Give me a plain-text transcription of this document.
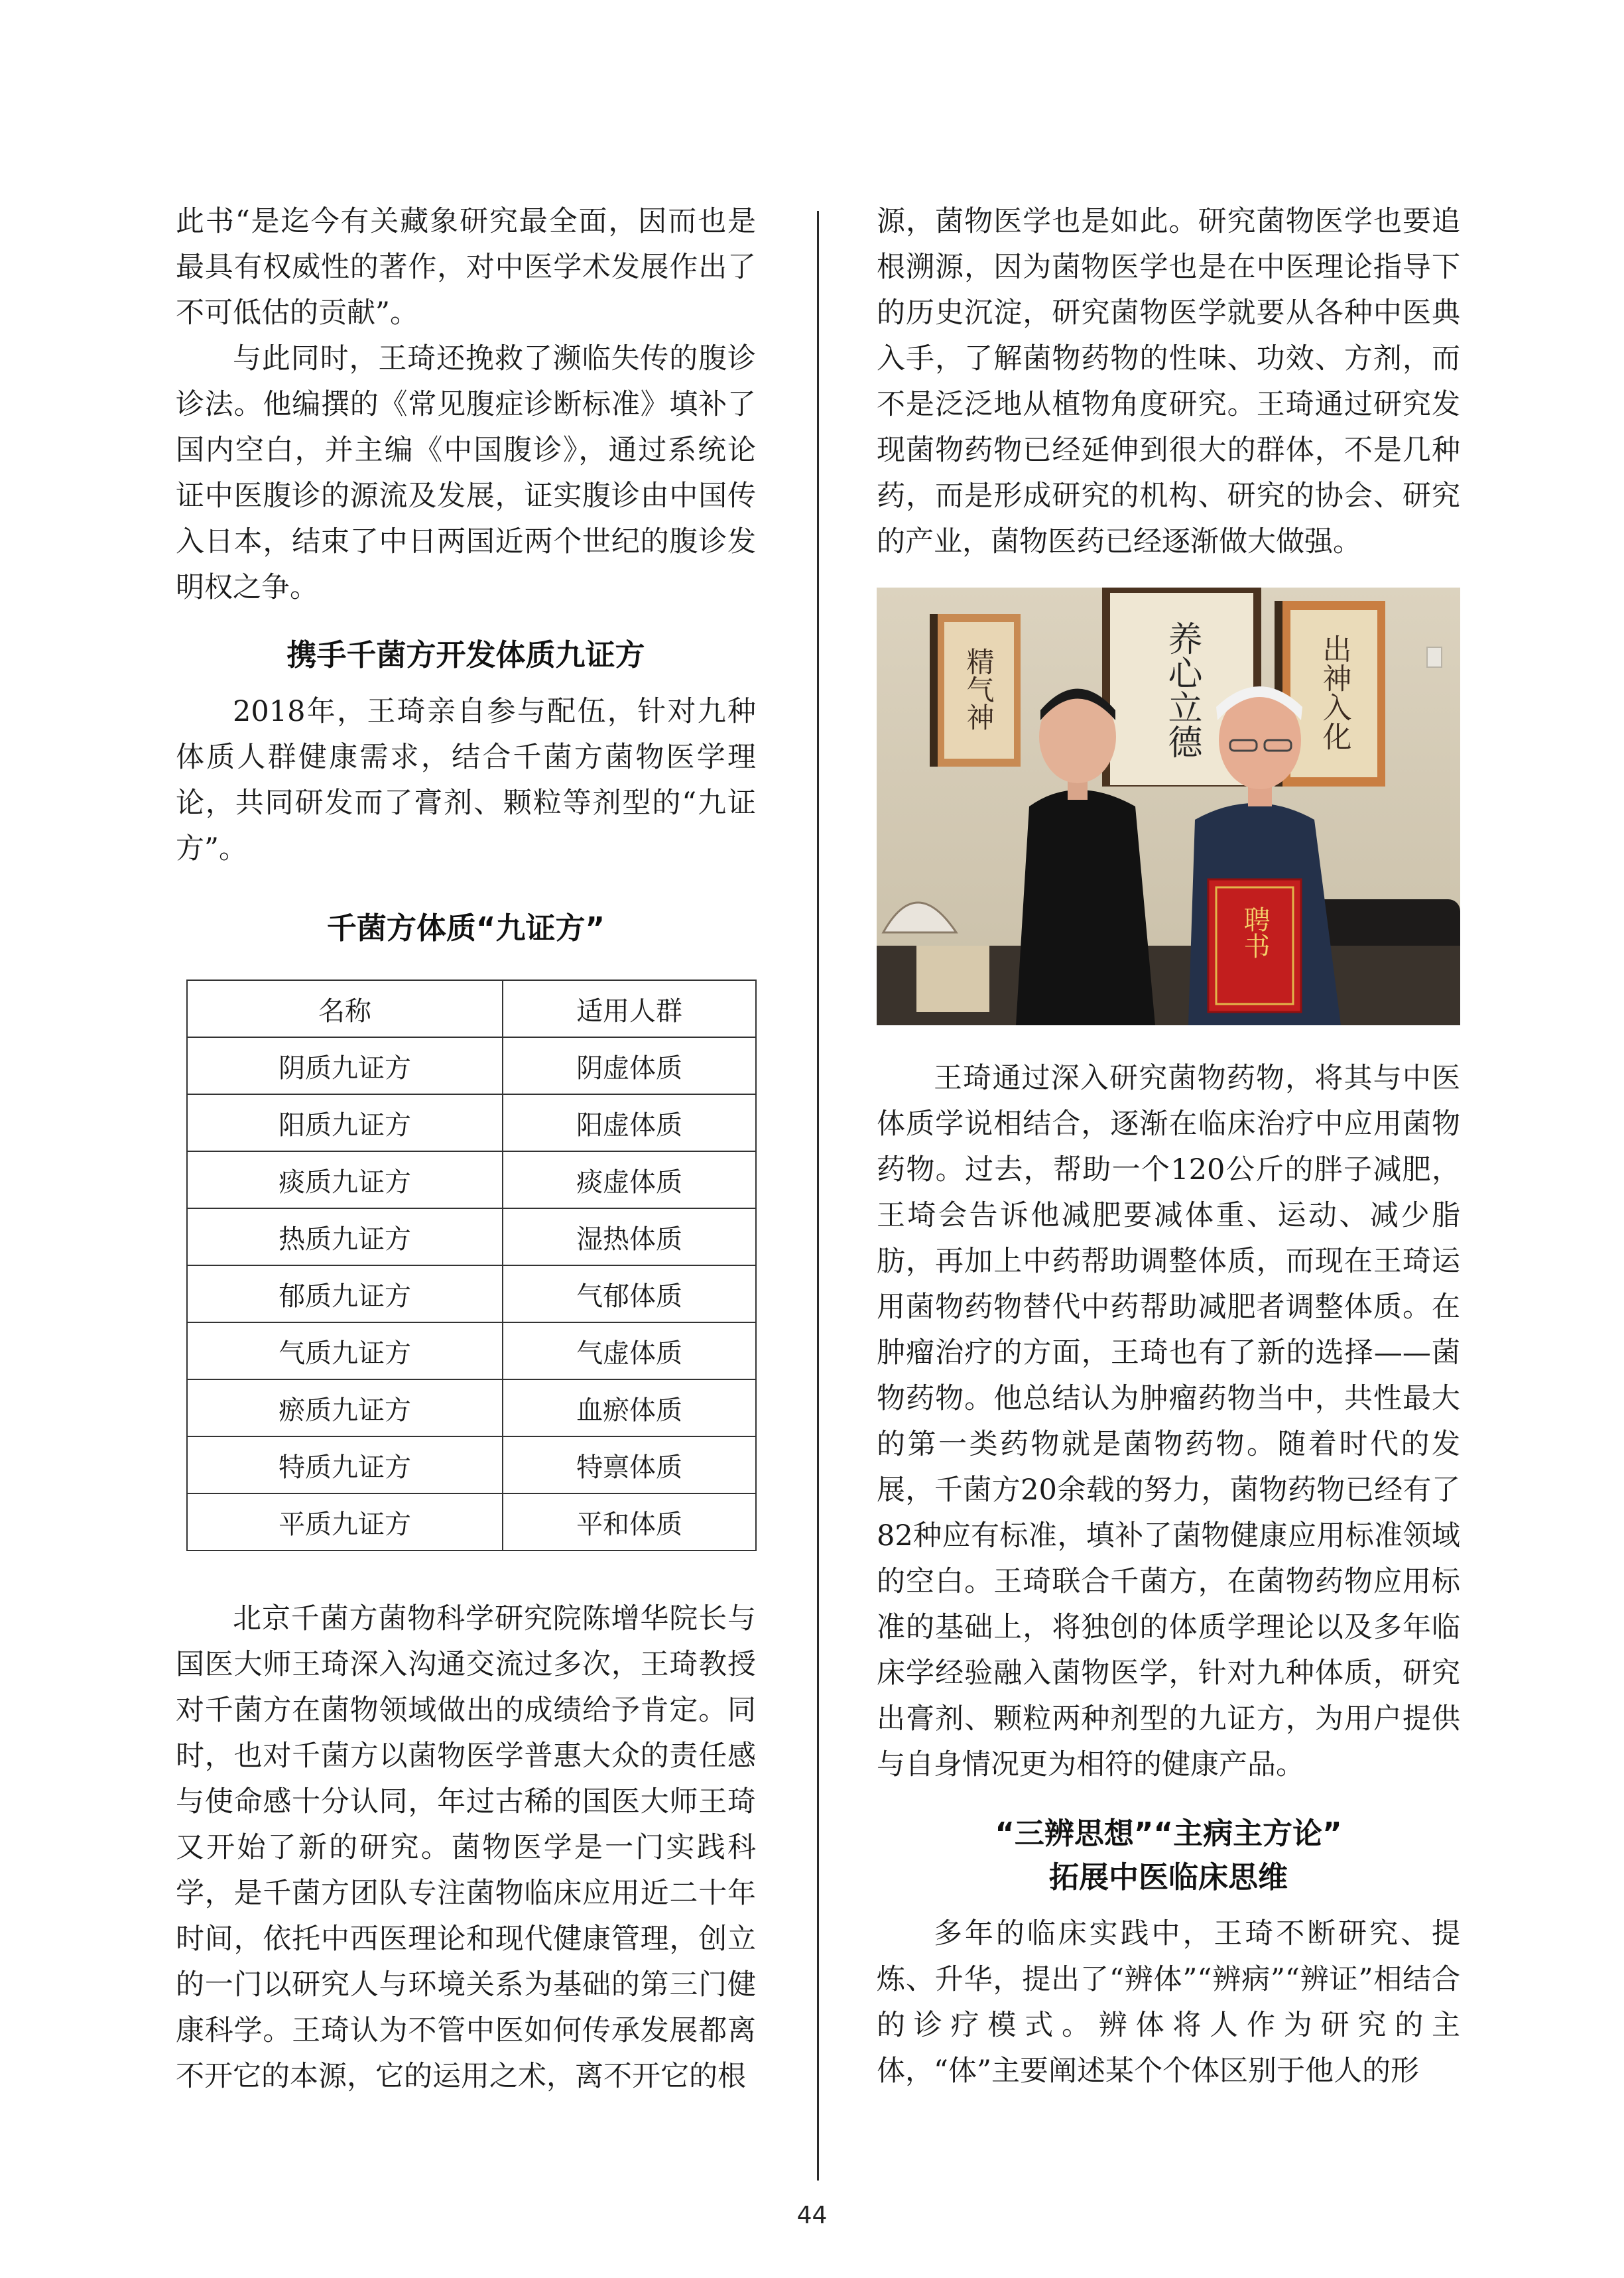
此书“是迄今有关藏象研究最全面，因而也是最具有权威性的著作，对中医学术发展作出了不可低估的贡献”。

与此同时，王琦还挽救了濒临失传的腹诊诊法。他编撰的《常见腹症诊断标准》填补了国内空白，并主编《中国腹诊》，通过系统论证中医腹诊的源流及发展，证实腹诊由中国传入日本，结束了中日两国近两个世纪的腹诊发明权之争。

携手千菌方开发体质九证方

2018年，王琦亲自参与配伍，针对九种体质人群健康需求，结合千菌方菌物医学理论，共同研发而了膏剂、颗粒等剂型的“九证方”。

千菌方体质“九证方”
名称	适用人群
阴质九证方	阴虚体质
阳质九证方	阳虚体质
痰质九证方	痰虚体质
热质九证方	湿热体质
郁质九证方	气郁体质
气质九证方	气虚体质
瘀质九证方	血瘀体质
特质九证方	特禀体质
平质九证方	平和体质

北京千菌方菌物科学研究院陈增华院长与国医大师王琦深入沟通交流过多次，王琦教授对千菌方在菌物领域做出的成绩给予肯定。同时，也对千菌方以菌物医学普惠大众的责任感与使命感十分认同，年过古稀的国医大师王琦又开始了新的研究。菌物医学是一门实践科学，是千菌方团队专注菌物临床应用近二十年时间，依托中西医理论和现代健康管理，创立的一门以研究人与环境关系为基础的第三门健康科学。王琦认为不管中医如何传承发展都离不开它的本源，它的运用之术，离不开它的根

源，菌物医学也是如此。研究菌物医学也要追根溯源，因为菌物医学也是在中医理论指导下的历史沉淀，研究菌物医学就要从各种中医典入手，了解菌物药物的性味、功效、方剂，而不是泛泛地从植物角度研究。王琦通过研究发现菌物药物已经延伸到很大的群体，不是几种药，而是形成研究的机构、研究的协会、研究的产业，菌物医药已经逐渐做大做强。

精气神	养心立德	出神入化
聘书

王琦通过深入研究菌物药物，将其与中医体质学说相结合，逐渐在临床治疗中应用菌物药物。过去，帮助一个120公斤的胖子减肥，王埼会告诉他减肥要减体重、运动、减少脂肪，再加上中药帮助调整体质，而现在王琦运用菌物药物替代中药帮助减肥者调整体质。在肿瘤治疗的方面，王琦也有了新的选择——菌物药物。他总结认为肿瘤药物当中，共性最大的第一类药物就是菌物药物。随着时代的发展，千菌方20余载的努力，菌物药物已经有了82种应有标准，填补了菌物健康应用标准领域的空白。王琦联合千菌方，在菌物药物应用标准的基础上，将独创的体质学理论以及多年临床学经验融入菌物医学，针对九种体质，研究出膏剂、颗粒两种剂型的九证方，为用户提供与自身情况更为相符的健康产品。

“三辨思想”“主病主方论”
拓展中医临床思维

多年的临床实践中，王琦不断研究、提炼、升华，提出了“辨体”“辨病”“辨证”相结合的诊疗模式。辨体将人作为研究的主体，“体”主要阐述某个个体区别于他人的形

44
